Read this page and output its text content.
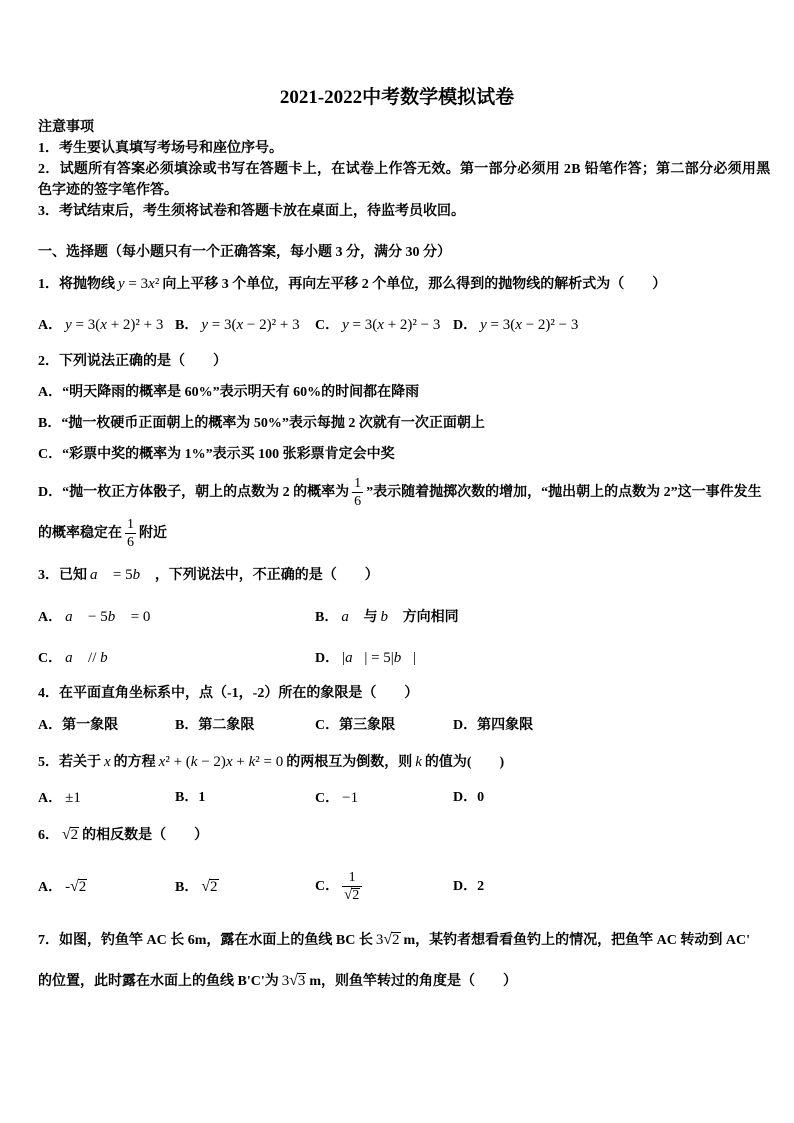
2021-2022中考数学模拟试卷
注意事项
1．考生要认真填写考场号和座位序号。
2．试题所有答案必须填涂或书写在答题卡上，在试卷上作答无效。第一部分必须用 2B 铅笔作答；第二部分必须用黑
色字迹的签字笔作答。
3．考试结束后，考生须将试卷和答题卡放在桌面上，待监考员收回。
一、选择题（每小题只有一个正确答案，每小题 3 分，满分 30 分）
1．将抛物线 y = 3x² 向上平移 3 个单位，再向左平移 2 个单位，那么得到的抛物线的解析式为（　　）
A． y = 3(x + 2)² + 3 B． y = 3(x − 2)² + 3 C． y = 3(x + 2)² − 3 D． y = 3(x − 2)² − 3
2．下列说法正确的是（　　）
A．“明天降雨的概率是 60%”表示明天有 60%的时间都在降雨
B．“抛一枚硬币正面朝上的概率为 50%”表示每抛 2 次就有一次正面朝上
C．“彩票中奖的概率为 1%”表示买 100 张彩票肯定会中奖
D．“抛一枚正方体骰子，朝上的点数为 2 的概率为 $\frac{1}{6}$ ”表示随着抛掷次数的增加，“抛出朝上的点数为 2”这一事件发生
的概率稳定在 $\frac{1}{6}$ 附近
3．已知 a⃗ = 5b⃗ ，下列说法中，不正确的是（　　）
A． a⃗ − 5b⃗ = 0	B． a⃗ 与 b⃗ 方向相同
C． a⃗ // b⃗	D． |a⃗| = 5|b⃗|
4．在平面直角坐标系中，点（-1，-2）所在的象限是（　　）
A．第一象限	B．第二象限	C．第三象限	D．第四象限
5．若关于 x 的方程 x² + (k − 2)x + k² = 0 的两根互为倒数，则 k 的值为(　　)
A． ±1	B．1	C． −1	D．0
6． √2 的相反数是（　　）
A． -√2	B． √2	C． $\frac{1}{√2}$	D．2
7．如图，钓鱼竿 AC 长 6m，露在水面上的鱼线 BC 长 3√2 m，某钓者想看看鱼钓上的情况，把鱼竿 AC 转动到 AC'
的位置，此时露在水面上的鱼线 B'C'为 3√3 m，则鱼竿转过的角度是（　　）
